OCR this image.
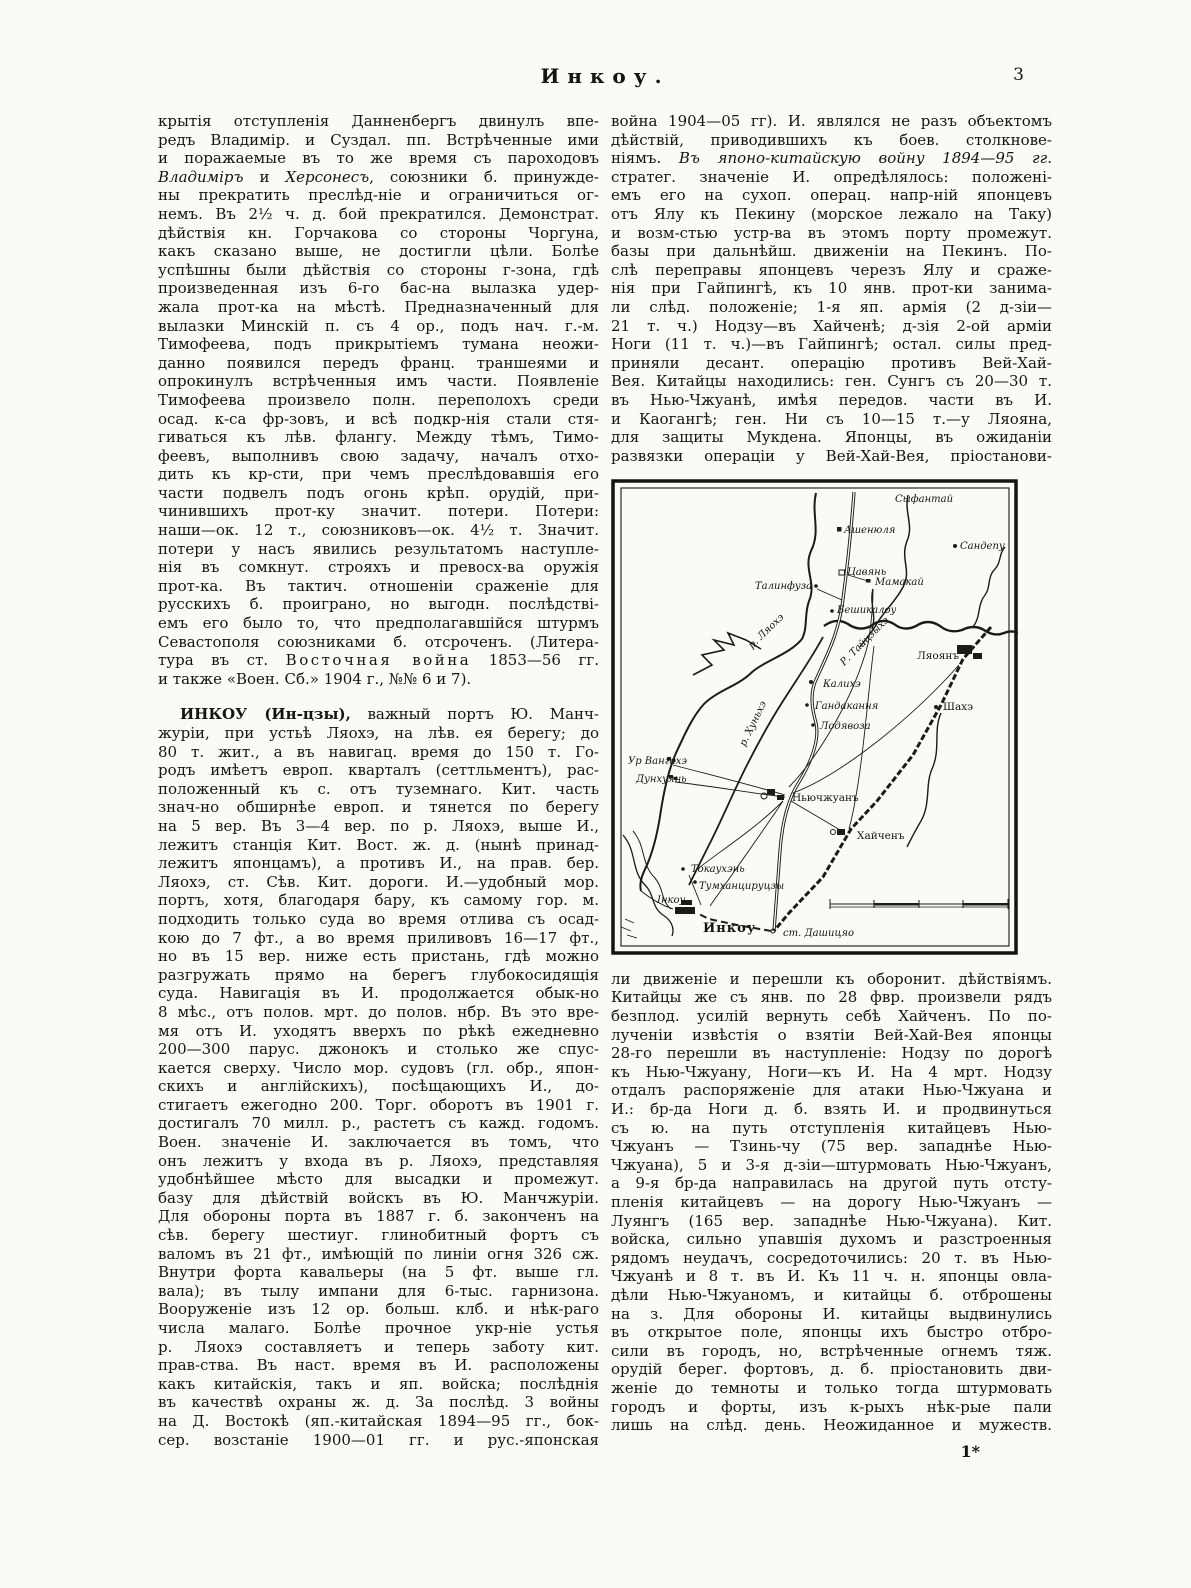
Инкоу.	3
крытія отступленія Данненбергъ двинулъ впе-
редъ Владимір. и Суздал. пп. Встрѣченные ими
и поражаемые въ то же время съ пароходовъ
Владиміръ и Херсонесъ, союзники б. принужде-
ны прекратить преслѣд-ніе и ограничиться ог-
немъ. Въ 2½ ч. д. бой прекратился. Демонстрат.
дѣйствія кн. Горчакова со стороны Чоргуна,
какъ сказано выше, не достигли цѣли. Болѣе
успѣшны были дѣйствія со стороны г-зона, гдѣ
произведенная изъ 6-го бас-на вылазка удер-
жала прот-ка на мѣстѣ. Предназначенный для
вылазки Минскій п. съ 4 ор., подъ нач. г.-м.
Тимофеева, подъ прикрытіемъ тумана неожи-
данно появился передъ франц. траншеями и
опрокинулъ встрѣченныя имъ части. Появленіе
Тимофеева произвело полн. переполохъ среди
осад. к-са фр-зовъ, и всѣ подкр-нія стали стя-
гиваться къ лѣв. флангу. Между тѣмъ, Тимо-
феевъ, выполнивъ свою задачу, началъ отхо-
дить къ кр-сти, при чемъ преслѣдовавшія его
части подвелъ подъ огонь крѣп. орудій, при-
чинившихъ прот-ку значит. потери. Потери:
наши—ок. 12 т., союзниковъ—ок. 4½ т. Значит.
потери у насъ явились результатомъ наступле-
нія въ сомкнут. строяхъ и превосх-ва оружія
прот-ка. Въ тактич. отношеніи сраженіе для
русскихъ б. проиграно, но выгодн. послѣдстві-
емъ его было то, что предполагавшійся штурмъ
Севастополя союзниками б. отсроченъ. (Литера-
тура въ ст. Восточная война 1853—56 гг.
и также «Воен. Сб.» 1904 г., №№ 6 и 7).
ИНКОУ (Ин-цзы), важный портъ Ю. Манч-
журіи, при устьѣ Ляохэ, на лѣв. ея берегу; до
80 т. жит., а въ навигац. время до 150 т. Го-
родъ имѣетъ европ. кварталъ (сеттльментъ), рас-
положенный къ с. отъ туземнаго. Кит. часть
знач-но обширнѣе европ. и тянется по берегу
на 5 вер. Въ 3—4 вер. по р. Ляохэ, выше И.,
лежитъ станція Кит. Вост. ж. д. (нынѣ принад-
лежитъ японцамъ), а противъ И., на прав. бер.
Ляохэ, ст. Сѣв. Кит. дороги. И.—удобный мор.
портъ, хотя, благодаря бару, къ самому гор. м.
подходить только суда во время отлива съ осад-
кою до 7 фт., а во время приливовъ 16—17 фт.,
но въ 15 вер. ниже есть пристань, гдѣ можно
разгружать прямо на берегъ глубокосидящія
суда. Навигація въ И. продолжается обык-но
8 мѣс., отъ полов. мрт. до полов. нбр. Въ это вре-
мя отъ И. уходятъ вверхъ по рѣкѣ ежедневно
200—300 парус. джонокъ и столько же спус-
кается сверху. Число мор. судовъ (гл. обр., япон-
скихъ и англійскихъ), посѣщающихъ И., до-
стигаетъ ежегодно 200. Торг. оборотъ въ 1901 г.
достигалъ 70 милл. р., растетъ съ кажд. годомъ.
Воен. значеніе И. заключается въ томъ, что
онъ лежитъ у входа въ р. Ляохэ, представляя
удобнѣйшее мѣсто для высадки и промежут.
базу для дѣйствій войскъ въ Ю. Манчжуріи.
Для обороны порта въ 1887 г. б. законченъ на
сѣв. берегу шестиуг. глинобитный фортъ съ
валомъ въ 21 фт., имѣющій по линіи огня 326 сж.
Внутри форта кавальеры (на 5 фт. выше гл.
вала); въ тылу импани для 6-тыс. гарнизона.
Вооруженіе изъ 12 ор. больш. клб. и нѣк-раго
числа малаго. Болѣе прочное укр-ніе устья
р. Ляохэ составляетъ и теперь заботу кит.
прав-ства. Въ наст. время въ И. расположены
какъ китайскія, такъ и яп. войска; послѣднія
въ качествѣ охраны ж. д. За послѣд. 3 войны
на Д. Востокѣ (яп.-китайская 1894—95 гг., бок-
сер. возстаніе 1900—01 гг. и рус.-японская
война 1904—05 гг). И. являлся не разъ объектомъ
дѣйствій, приводившихъ къ боев. столкнове-
ніямъ. Въ японо-китайскую войну 1894—95 гг.
стратег. значеніе И. опредѣлялось: положені-
емъ его на сухоп. операц. напр-ній японцевъ
отъ Ялу къ Пекину (морское лежало на Таку)
и возм-стью устр-ва въ этомъ порту промежут.
базы при дальнѣйш. движеніи на Пекинъ. По-
слѣ переправы японцевъ черезъ Ялу и сраже-
нія при Гайпингѣ, къ 10 янв. прот-ки занима-
ли слѣд. положеніе; 1-я яп. армія (2 д-зіи—
21 т. ч.) Нодзу—въ Хайченѣ; д-зія 2-ой арміи
Ноги (11 т. ч.)—въ Гайпингѣ; остал. силы пред-
приняли десант. операцію противъ Вей-Хай-
Вея. Китайцы находились: ген. Сунгъ съ 20—30 т.
въ Нью-Чжуанѣ, имѣя передов. части въ И.
и Каогангѣ; ген. Ни съ 10—15 т.—у Ляояна,
для защиты Мукдена. Японцы, въ ожиданіи
развязки операціи у Вей-Хай-Вея, пріостанови-
Сыфантай
Сандепу
Ашенюля
Цавянь
Мамакай
Талинфуза
Бешикалоу
р. Ляохэ	Р. Тайцзыхэ Ляоянъ
Шахэ
Калихэ
Гандакання
Лодявоза
р. Хуньхэ
Ур Вангахэ
Дунхуянь
Ньючжуанъ
Хайченъ
Токаухэнь
Тумханцируцзы
Інкоу
Инкоу	ст. Дашицяо
ли движеніе и перешли къ оборонит. дѣйствіямъ.
Китайцы же съ янв. по 28 фвр. произвели рядъ
безплод. усилій вернуть себѣ Хайченъ. По по-
лученіи извѣстія о взятіи Вей-Хай-Вея японцы
28-го перешли въ наступленіе: Нодзу по дорогѣ
къ Нью-Чжуану, Ноги—къ И. На 4 мрт. Нодзу
отдалъ распоряженіе для атаки Нью-Чжуана и
И.: бр-да Ноги д. б. взять И. и продвинуться
съ ю. на путь отступленія китайцевъ Нью-
Чжуанъ — Тзинь-чу (75 вер. западнѣе Нью-
Чжуана), 5 и 3-я д-зіи—штурмовать Нью-Чжуанъ,
а 9-я бр-да направилась на другой путь отсту-
пленія китайцевъ — на дорогу Нью-Чжуанъ —
Луянгъ (165 вер. западнѣе Нью-Чжуана). Кит.
войска, сильно упавшія духомъ и разстроенныя
рядомъ неудачъ, сосредоточились: 20 т. въ Нью-
Чжуанѣ и 8 т. въ И. Къ 11 ч. н. японцы овла-
дѣли Нью-Чжуаномъ, и китайцы б. отброшены
на з. Для обороны И. китайцы выдвинулись
въ открытое поле, японцы ихъ быстро отбро-
сили въ городъ, но, встрѣченные огнемъ тяж.
орудій берег. фортовъ, д. б. пріостановить дви-
женіе до темноты и только тогда штурмовать
городъ и форты, изъ к-рыхъ нѣк-рые пали
лишь на слѣд. день. Неожиданное и мужеств.
1*
